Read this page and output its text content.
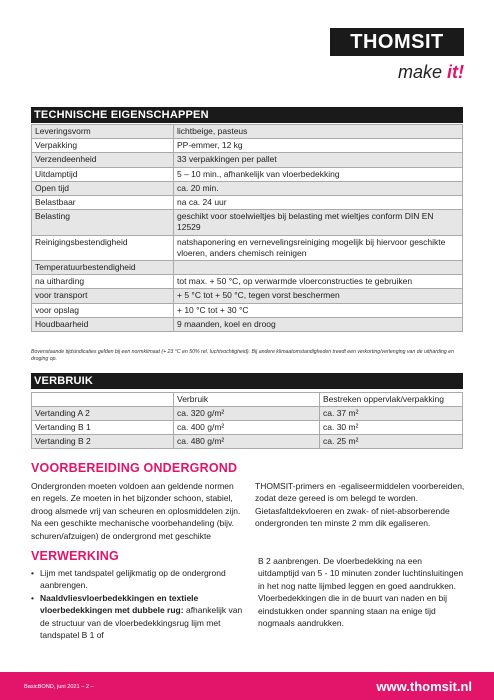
THOMSIT
make it!
TECHNISCHE EIGENSCHAPPEN
Leveringsvorm	lichtbeige, pasteus
Verpakking	PP-emmer, 12 kg
Verzendeenheid	33 verpakkingen per pallet
Uitdamptijd	5 – 10 min., afhankelijk van vloerbedekking
Open tijd	ca. 20 min.
Belastbaar	na ca. 24 uur
Belasting	geschikt voor stoelwieltjes bij belasting met wieltjes conform DIN EN 12529
Reinigingsbestendigheid	natshaponering en vernevelingsreiniging mogelijk bij hiervoor geschikte vloeren, anders chemisch reinigen
Temperatuurbestendigheid	
na uitharding	tot max. + 50 °C, op verwarmde vloerconstructies te gebruiken
voor transport	+ 5 °C tot + 50 °C, tegen vorst beschermen
voor opslag	+ 10 °C tot + 30 °C
Houdbaarheid	9 maanden, koel en droog
Bovenstaande tijdsindicaties gelden bij een normklimaat (+ 23 °C en 50% rel. luchtvochtigheid). Bij andere klimaatomstandigheden treedt een verkorting/verlenging van de uitharding en droging op.
VERBRUIK
	Verbruik	Bestreken oppervlak/verpakking
Vertanding A 2	ca. 320 g/m²	ca. 37 m²
Vertanding B 1	ca. 400 g/m²	ca. 30 m²
Vertanding B 2	ca. 480 g/m²	ca. 25 m²
VOORBEREIDING ONDERGROND
Ondergronden moeten voldoen aan geldende normen en regels. Ze moeten in het bijzonder schoon, stabiel, droog alsmede vrij van scheuren en oplosmiddelen zijn. Na een geschikte mechanische voorbehandeling (bijv. schuren/afzuigen) de ondergrond met geschikte
THOMSIT-primers en -egaliseermiddelen voorbereiden, zodat deze gereed is om belegd te worden. Gietasfaltdekvloeren en zwak- of niet-absorberende ondergronden ten minste 2 mm dik egaliseren.
VERWERKING
• Lijm met tandspatel gelijkmatig op de ondergrond aanbrengen.
• Naaldvliesvloerbedekkingen en textiele vloerbedekkingen met dubbele rug: afhankelijk van de structuur van de vloerbedekkingsrug lijm met tandspatel B 1 of
B 2 aanbrengen. De vloerbedekking na een uitdamptijd van 5 - 10 minuten zonder luchtinsluitingen in het nog natte lijmbed leggen en goed aandrukken. Vloerbedekkingen die in de buurt van naden en bij eindstukken onder spanning staan na enige tijd nogmaals aandrukken.
BasicBOND, juni 2021 – 2 –	www.thomsit.nl
